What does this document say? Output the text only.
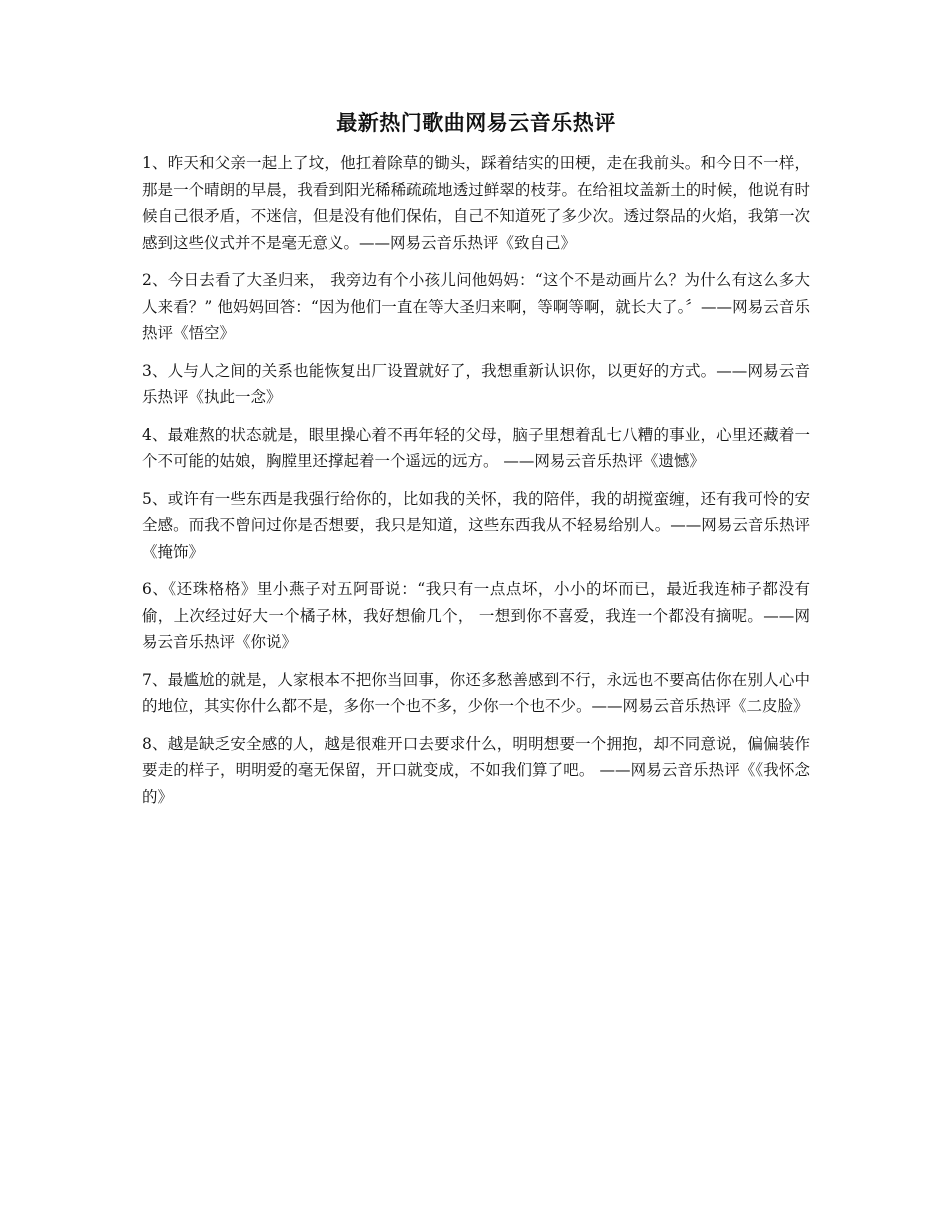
最新热门歌曲网易云音乐热评
1、昨天和父亲一起上了坟，他扛着除草的锄头，踩着结实的田梗，走在我前头。和今日不一样，那是一个晴朗的早晨，我看到阳光稀稀疏疏地透过鲜翠的枝芽。在给祖坟盖新土的时候，他说有时候自己很矛盾，不迷信，但是没有他们保佑，自己不知道死了多少次。透过祭品的火焰，我第一次感到这些仪式并不是毫无意义。——网易云音乐热评《致自己》
2、今日去看了大圣归来， 我旁边有个小孩儿问他妈妈：“这个不是动画片么？为什么有这么多大人来看？” 他妈妈回答：“因为他们一直在等大圣归来啊，等啊等啊，就长大了。〞——网易云音乐热评《悟空》
3、人与人之间的关系也能恢复出厂设置就好了，我想重新认识你，以更好的方式。——网易云音乐热评《执此一念》
4、最难熬的状态就是，眼里操心着不再年轻的父母，脑子里想着乱七八糟的事业，心里还藏着一个不可能的姑娘，胸膛里还撑起着一个遥远的远方。 ——网易云音乐热评《遗憾》
5、或许有一些东西是我强行给你的，比如我的关怀，我的陪伴，我的胡搅蛮缠，还有我可怜的安全感。而我不曾问过你是否想要，我只是知道，这些东西我从不轻易给别人。——网易云音乐热评《掩饰》
6、《还珠格格》里小燕子对五阿哥说：“我只有一点点坏，小小的坏而已，最近我连柿子都没有偷，上次经过好大一个橘子林，我好想偷几个， 一想到你不喜爱，我连一个都没有摘呢。——网易云音乐热评《你说》
7、最尴尬的就是，人家根本不把你当回事，你还多愁善感到不行，永远也不要高估你在别人心中的地位，其实你什么都不是，多你一个也不多，少你一个也不少。——网易云音乐热评《二皮脸》
8、越是缺乏安全感的人，越是很难开口去要求什么，明明想要一个拥抱，却不同意说，偏偏装作要走的样子，明明爱的毫无保留，开口就变成，不如我们算了吧。 ——网易云音乐热评《《我怀念的》
